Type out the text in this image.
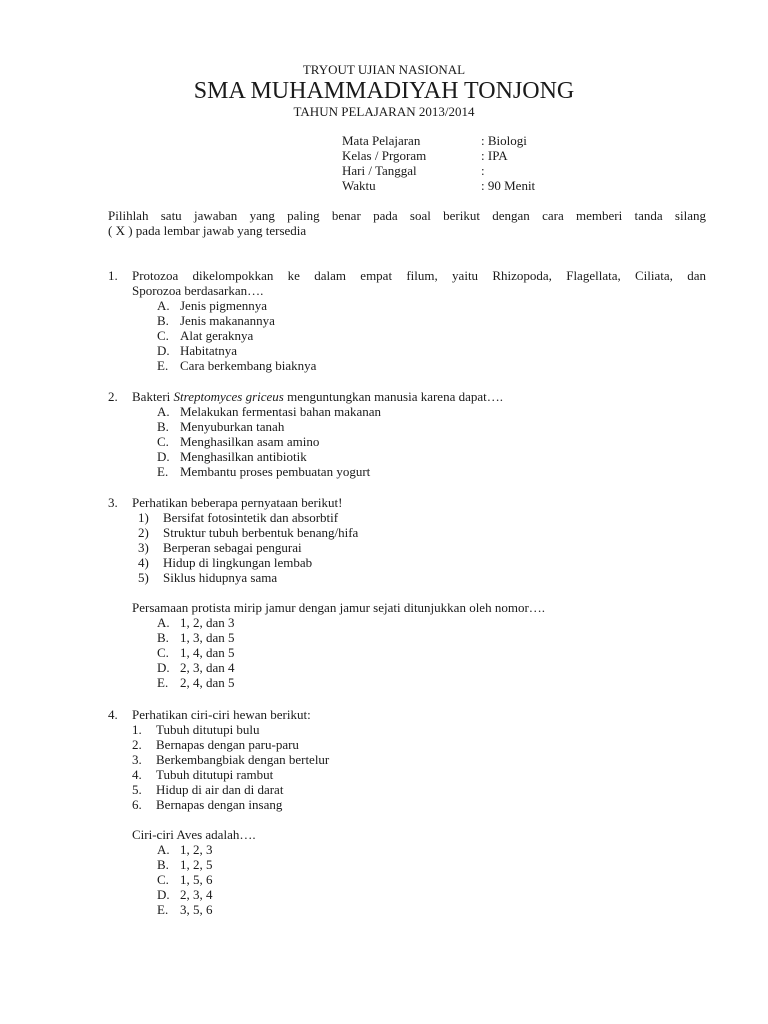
TRYOUT UJIAN NASIONAL
SMA MUHAMMADIYAH TONJONG
TAHUN PELAJARAN 2013/2014
Mata Pelajaran	: Biologi
Kelas / Prgoram	: IPA
Hari / Tanggal	:
Waktu	: 90 Menit
Pilihlah satu jawaban yang paling benar pada soal berikut dengan cara memberi tanda silang
( X ) pada lembar jawab yang tersedia
1. Protozoa dikelompokkan ke dalam empat filum, yaitu Rhizopoda, Flagellata, Ciliata, dan
Sporozoa berdasarkan….
A. Jenis pigmennya
B. Jenis makanannya
C. Alat geraknya
D. Habitatnya
E. Cara berkembang biaknya
2. Bakteri Streptomyces griceus menguntungkan manusia karena dapat….
A. Melakukan fermentasi bahan makanan
B. Menyuburkan tanah
C. Menghasilkan asam amino
D. Menghasilkan antibiotik
E. Membantu proses pembuatan yogurt
3. Perhatikan beberapa pernyataan berikut!
1)	Bersifat fotosintetik dan absorbtif
2)	Struktur tubuh berbentuk benang/hifa
3)	Berperan sebagai pengurai
4)	Hidup di lingkungan lembab
5)	Siklus hidupnya sama
Persamaan protista mirip jamur dengan jamur sejati ditunjukkan oleh nomor….
A. 1, 2, dan 3
B. 1, 3, dan 5
C. 1, 4, dan 5
D. 2, 3, dan 4
E. 2, 4, dan 5
4. Perhatikan ciri-ciri hewan berikut:
1.	Tubuh ditutupi bulu
2.	Bernapas dengan paru-paru
3.	Berkembangbiak dengan bertelur
4.	Tubuh ditutupi rambut
5.	Hidup di air dan di darat
6.	Bernapas dengan insang
Ciri-ciri Aves adalah….
A. 1, 2, 3
B. 1, 2, 5
C. 1, 5, 6
D. 2, 3, 4
E. 3, 5, 6
